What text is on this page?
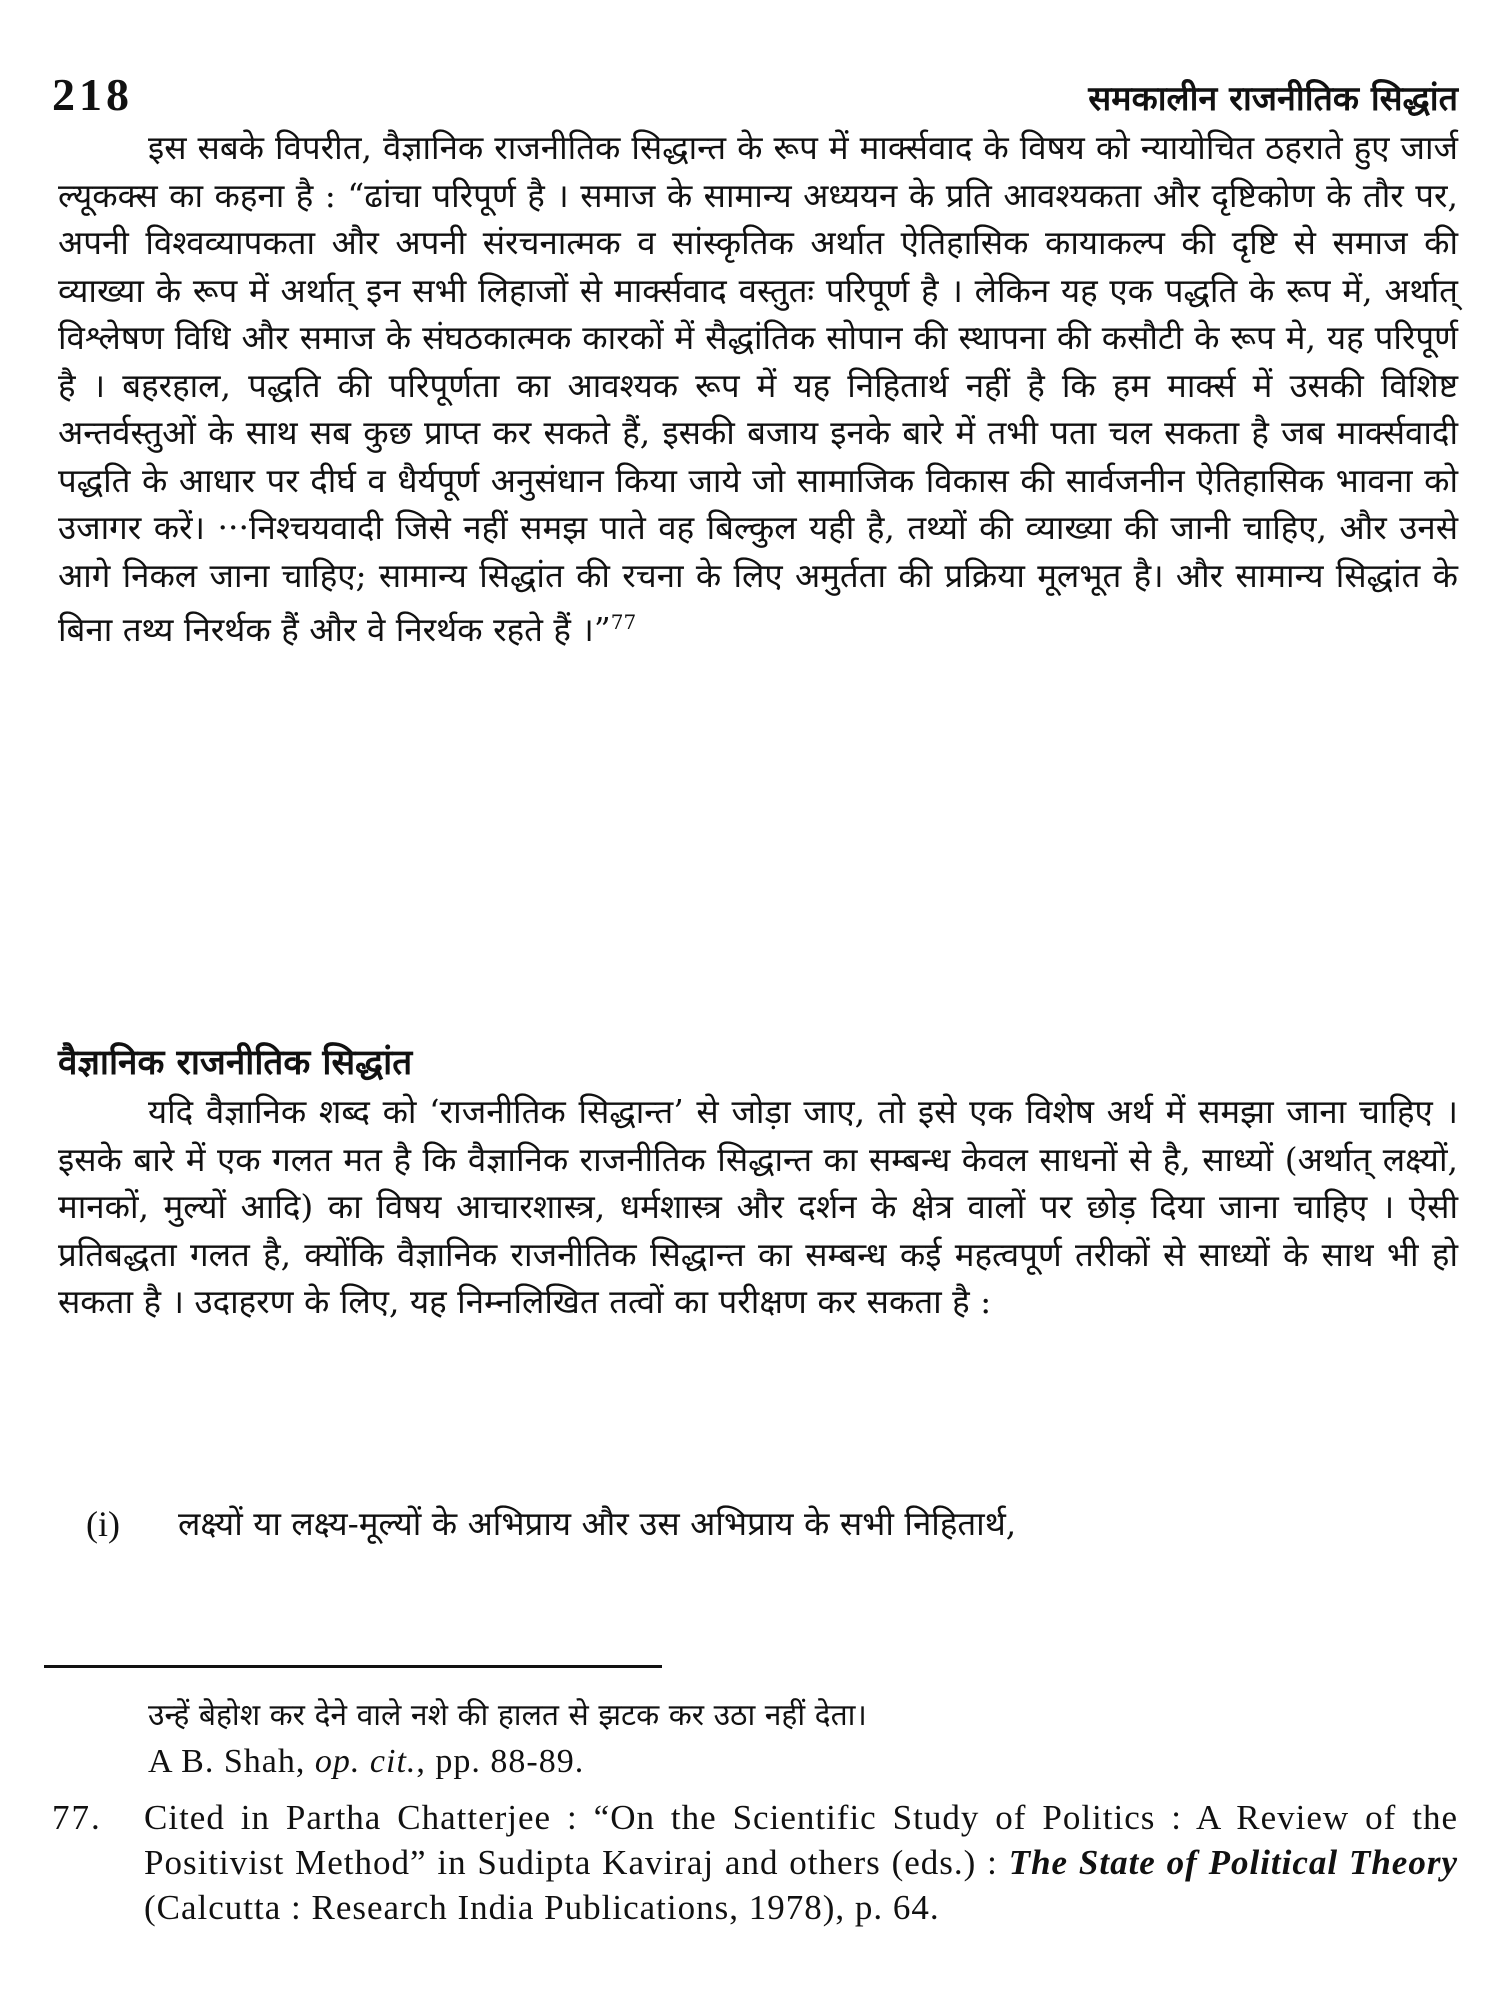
218	समकालीन राजनीतिक सिद्धांत

इस सबके विपरीत, वैज्ञानिक राजनीतिक सिद्धान्त के रूप में मार्क्सवाद के विषय को न्यायोचित ठहराते हुए जार्ज ल्यूकक्स का कहना है : “ढांचा परिपूर्ण है । समाज के सामान्य अध्ययन के प्रति आवश्यकता और दृष्टिकोण के तौर पर, अपनी विश्वव्यापकता और अपनी संरचनात्मक व सांस्कृतिक अर्थात ऐतिहासिक कायाकल्प की दृष्टि से समाज की व्याख्या के रूप में अर्थात् इन सभी लिहाजों से मार्क्सवाद वस्तुतः परिपूर्ण है । लेकिन यह एक पद्धति के रूप में, अर्थात् विश्लेषण विधि और समाज के संघठकात्मक कारकों में सैद्धांतिक सोपान की स्थापना की कसौटी के रूप मे, यह परिपूर्ण है । बहरहाल, पद्धति की परिपूर्णता का आवश्यक रूप में यह निहितार्थ नहीं है कि हम मार्क्स में उसकी विशिष्ट अन्तर्वस्तुओं के साथ सब कुछ प्राप्त कर सकते हैं, इसकी बजाय इनके बारे में तभी पता चल सकता है जब मार्क्सवादी पद्धति के आधार पर दीर्घ व धैर्यपूर्ण अनुसंधान किया जाये जो सामाजिक विकास की सार्वजनीन ऐतिहासिक भावना को उजागर करें। ···निश्चयवादी जिसे नहीं समझ पाते वह बिल्कुल यही है, तथ्यों की व्याख्या की जानी चाहिए, और उनसे आगे निकल जाना चाहिए; सामान्य सिद्धांत की रचना के लिए अमुर्तता की प्रक्रिया मूलभूत है। और सामान्य सिद्धांत के बिना तथ्य निरर्थक हैं और वे निरर्थक रहते हैं ।”$^{77}$

वैज्ञानिक राजनीतिक सिद्धांत

यदि वैज्ञानिक शब्द को ‘राजनीतिक सिद्धान्त’ से जोड़ा जाए, तो इसे एक विशेष अर्थ में समझा जाना चाहिए । इसके बारे में एक गलत मत है कि वैज्ञानिक राजनीतिक सिद्धान्त का सम्बन्ध केवल साधनों से है, साध्यों (अर्थात् लक्ष्यों, मानकों, मुल्यों आदि) का विषय आचारशास्त्र, धर्मशास्त्र और दर्शन के क्षेत्र वालों पर छोड़ दिया जाना चाहिए । ऐसी प्रतिबद्धता गलत है, क्योंकि वैज्ञानिक राजनीतिक सिद्धान्त का सम्बन्ध कई महत्वपूर्ण तरीकों से साध्यों के साथ भी हो सकता है । उदाहरण के लिए, यह निम्नलिखित तत्वों का परीक्षण कर सकता है :

(i)	लक्ष्यों या लक्ष्य-मूल्यों के अभिप्राय और उस अभिप्राय के सभी निहितार्थ,

उन्हें बेहोश कर देने वाले नशे की हालत से झटक कर उठा नहीं देता।
A B. Shah, op. cit., pp. 88-89.

77.	Cited in Partha Chatterjee : “On the Scientific Study of Politics : A Review of the Positivist Method” in Sudipta Kaviraj and others (eds.) : The State of Political Theory (Calcutta : Research India Publications, 1978), p. 64.
